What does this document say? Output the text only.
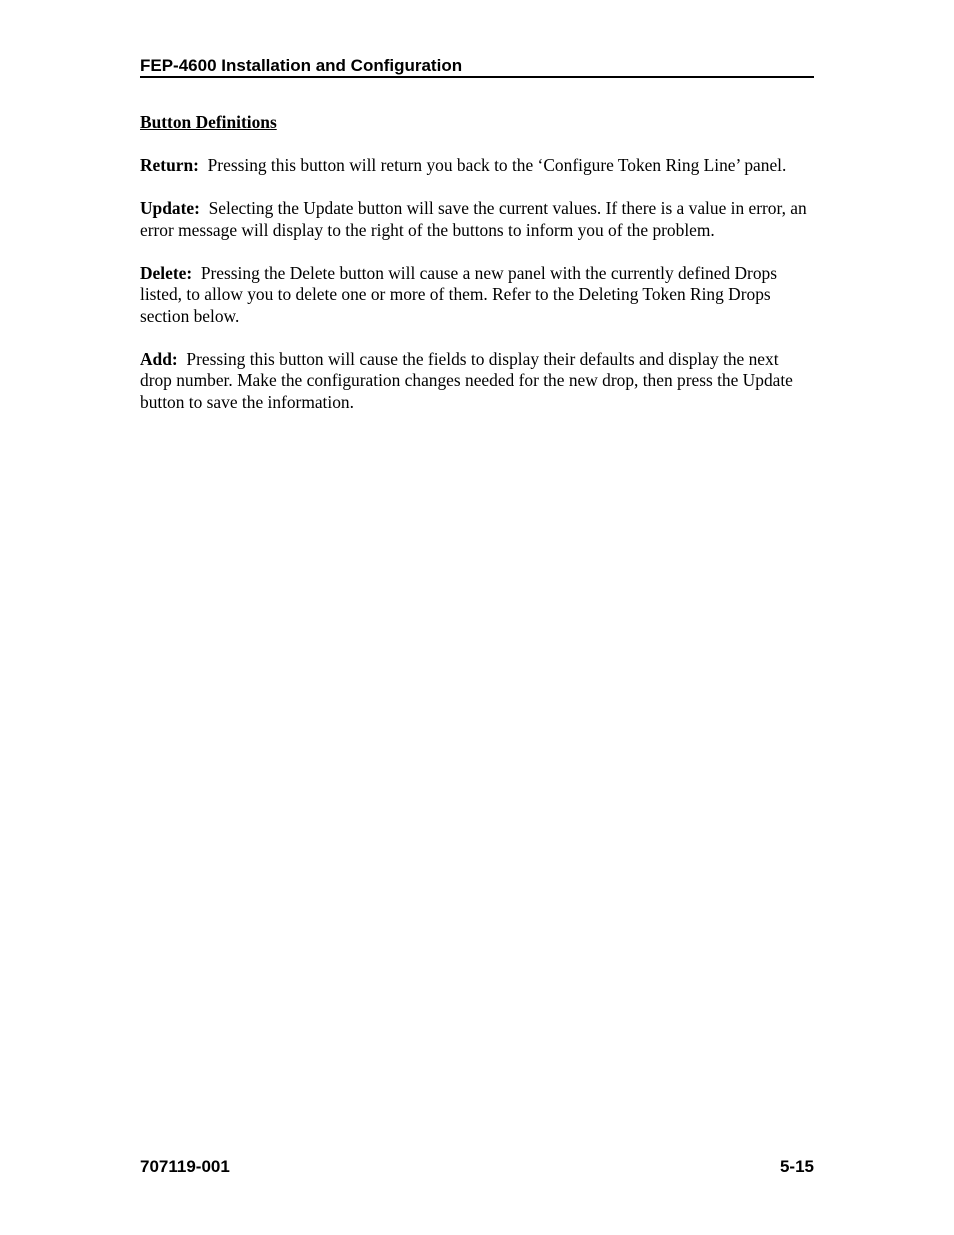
FEP-4600 Installation and Configuration
Button Definitions

Return: Pressing this button will return you back to the ‘Configure Token Ring Line’ panel.

Update: Selecting the Update button will save the current values. If there is a value in error, an error message will display to the right of the buttons to inform you of the problem.

Delete: Pressing the Delete button will cause a new panel with the currently defined Drops listed, to allow you to delete one or more of them. Refer to the Deleting Token Ring Drops section below.

Add: Pressing this button will cause the fields to display their defaults and display the next drop number. Make the configuration changes needed for the new drop, then press the Update button to save the information.

707119-001	5-15
